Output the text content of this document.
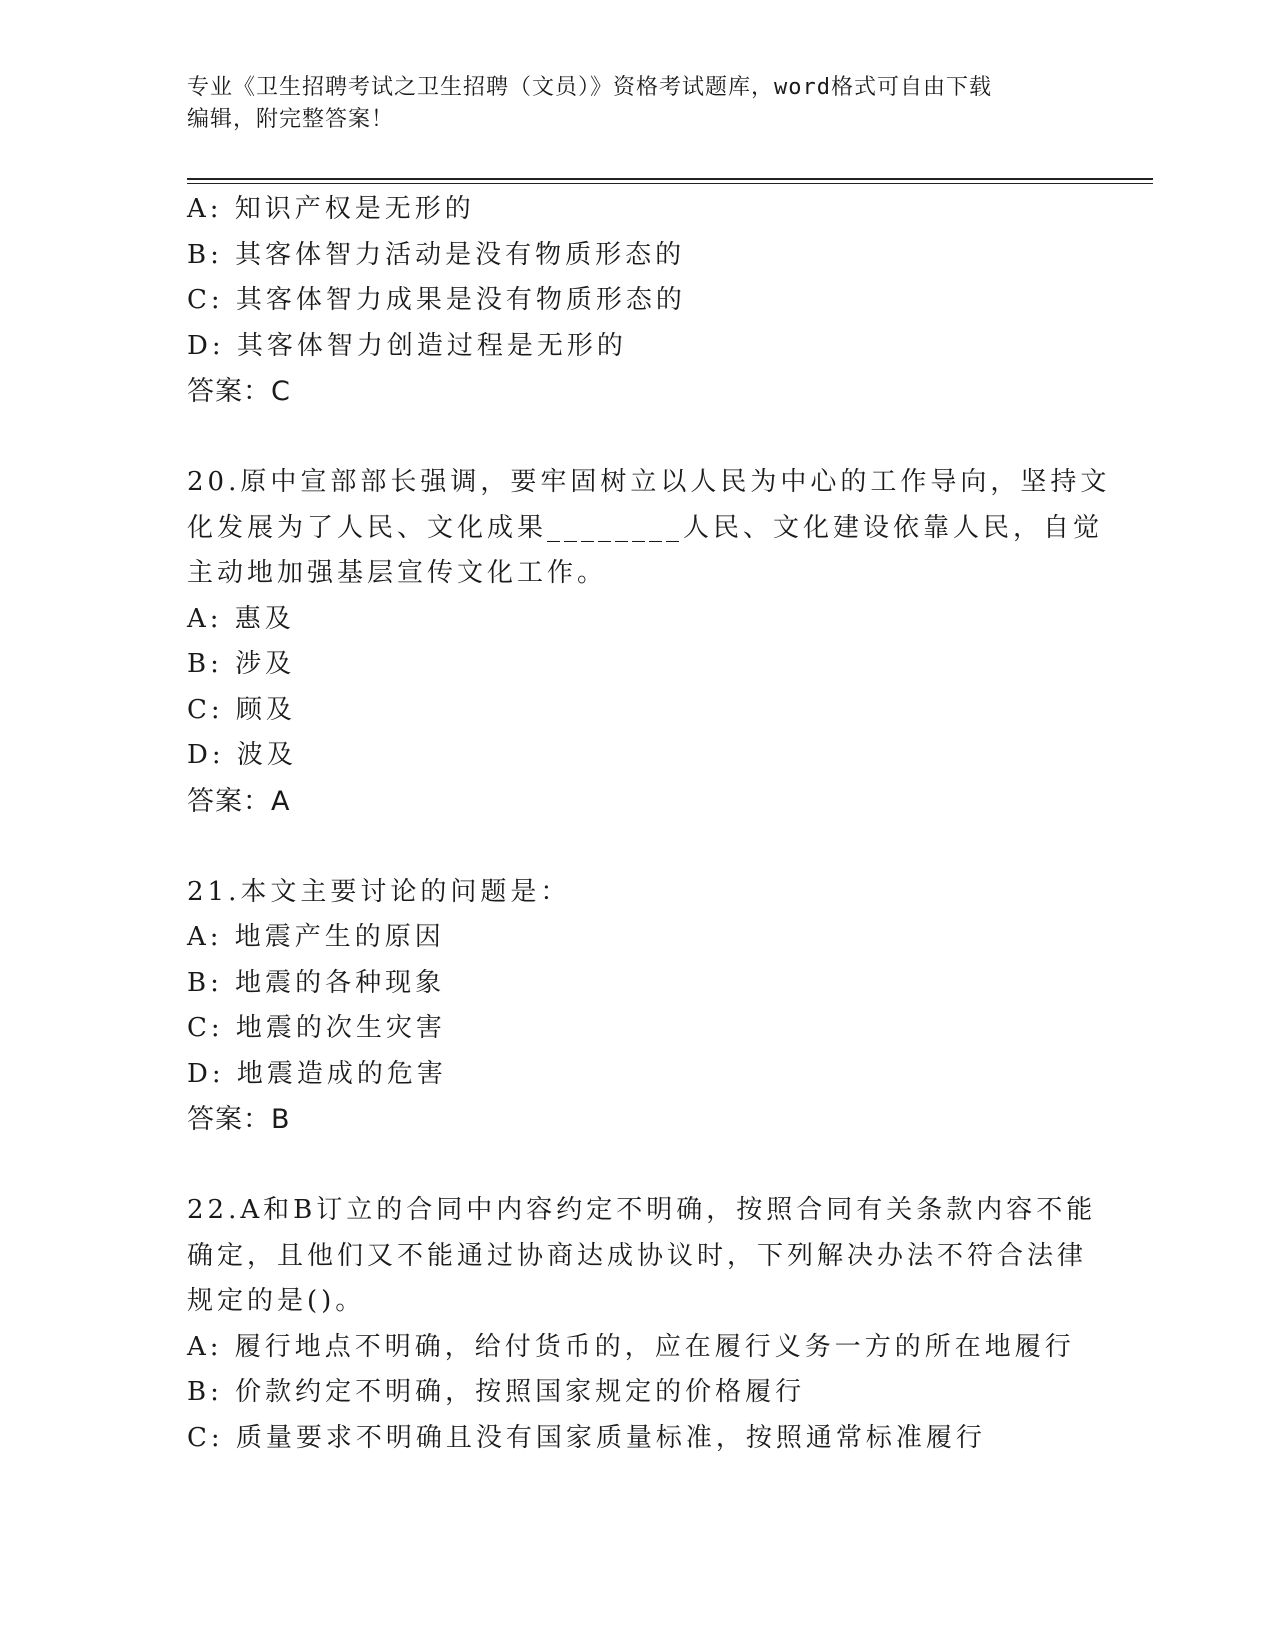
专业《卫生招聘考试之卫生招聘（文员）》资格考试题库，word格式可自由下载
编辑，附完整答案！
A: 知识产权是无形的
B: 其客体智力活动是没有物质形态的
C: 其客体智力成果是没有物质形态的
D: 其客体智力创造过程是无形的
答案：C
20.原中宣部部长强调，要牢固树立以人民为中心的工作导向，坚持文
化发展为了人民、文化成果________人民、文化建设依靠人民，自觉
主动地加强基层宣传文化工作。
A: 惠及
B: 涉及
C: 顾及
D: 波及
答案：A
21.本文主要讨论的问题是：
A: 地震产生的原因
B: 地震的各种现象
C: 地震的次生灾害
D: 地震造成的危害
答案：B
22.A和B订立的合同中内容约定不明确，按照合同有关条款内容不能
确定，且他们又不能通过协商达成协议时，下列解决办法不符合法律
规定的是()。
A: 履行地点不明确，给付货币的，应在履行义务一方的所在地履行
B: 价款约定不明确，按照国家规定的价格履行
C: 质量要求不明确且没有国家质量标准，按照通常标准履行
